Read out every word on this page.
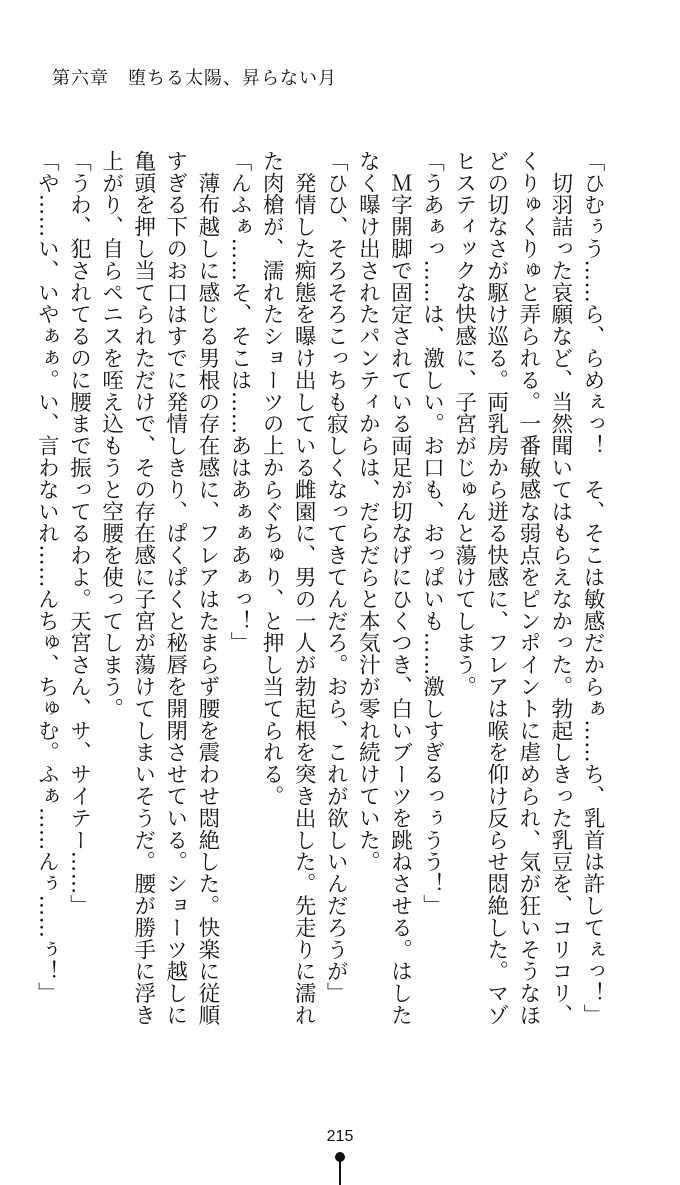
第六章　堕ちる太陽、昇らない月

「ひむぅう……ら、らめぇっ！　そ、そこは敏感だからぁ……ち、乳首は許してぇっ！」

　切羽詰った哀願など、当然聞いてはもらえなかった。勃起しきった乳豆を、コリコリ、

くりゅくりゅと弄られる。一番敏感な弱点をピンポイントに虐められ、気が狂いそうなほ

どの切なさが駆け巡る。両乳房から迸る快感に、フレアは喉を仰け反らせ悶絶した。マゾ

ヒスティックな快感に、子宮がじゅんと蕩けてしまう。

「うあぁっ……は、激しい。お口も、おっぱいも……激しすぎるっぅうう！」

　Ｍ字開脚で固定されている両足が切なげにひくつき、白いブーツを跳ねさせる。はした

なく曝け出されたパンティからは、だらだらと本気汁が零れ続けていた。

「ひひ、そろそろこっちも寂しくなってきてんだろ。おら、これが欲しいんだろうが」

　発情した痴態を曝け出している雌園に、男の一人が勃起根を突き出した。先走りに濡れ

た肉槍が、濡れたショーツの上からぐちゅり、と押し当てられる。

「んふぁ……そ、そこは……あはあぁぁあぁっ！」

　薄布越しに感じる男根の存在感に、フレアはたまらず腰を震わせ悶絶した。快楽に従順

すぎる下のお口はすでに発情しきり、ぱくぱくと秘唇を開閉させている。ショーツ越しに

亀頭を押し当てられただけで、その存在感に子宮が蕩けてしまいそうだ。腰が勝手に浮き

上がり、自らペニスを咥え込もうと空腰を使ってしまう。

「うわ、犯されてるのに腰まで振ってるわよ。天宮さん、サ、サイテー……」

「や……い、いやぁぁ。い、言わないれ……んちゅ、ちゅむ。ふぁ……んぅ……ぅ！」

215
